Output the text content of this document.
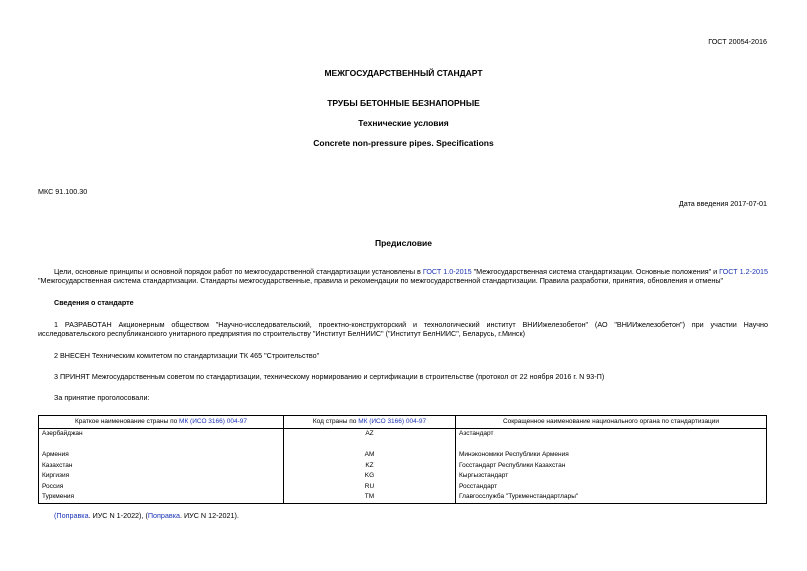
ГОСТ 20054-2016
МЕЖГОСУДАРСТВЕННЫЙ СТАНДАРТ
ТРУБЫ БЕТОННЫЕ БЕЗНАПОРНЫЕ
Технические условия
Concrete non-pressure pipes. Specifications
МКС 91.100.30
Дата введения 2017-07-01
Предисловие
Цели, основные принципы и основной порядок работ по межгосударственной стандартизации установлены в ГОСТ 1.0-2015 "Межгосударственная система стандартизации. Основные положения" и ГОСТ 1.2-2015 "Межгосударственная система стандартизации. Стандарты межгосударственные, правила и рекомендации по межгосударственной стандартизации. Правила разработки, принятия, обновления и отмены"
Сведения о стандарте
1 РАЗРАБОТАН Акционерным обществом "Научно-исследовательский, проектно-конструкторский и технологический институт ВНИИжелезобетон" (АО "ВНИИжелезобетон") при участии Научно исследовательского республиканского унитарного предприятия по строительству "Институт БелНИИС" ("Институт БелНИИС", Беларусь, г.Минск)
2 ВНЕСЕН Техническим комитетом по стандартизации ТК 465 "Строительство"
3 ПРИНЯТ Межгосударственным советом по стандартизации, техническому нормированию и сертификации в строительстве (протокол от 22 ноября 2016 г. N 93-П)
За принятие проголосовали:
Краткое наименование страны по МК (ИСО 3166) 004-97	Код страны по МК (ИСО 3166) 004-97	Сокращенное наименование национального органа по стандартизации
Азербайджан	AZ	Азстандарт

Армения	AM	Минэкономики Республики Армения
Казахстан	KZ	Госстандарт Республики Казахстан
Киргизия	KG	Кыргызстандарт
Россия	RU	Росстандарт
Туркмения	TM	Главгосслужба "Туркменстандартлары"
(Поправка. ИУС N 1-2022), (Поправка. ИУС N 12-2021).
